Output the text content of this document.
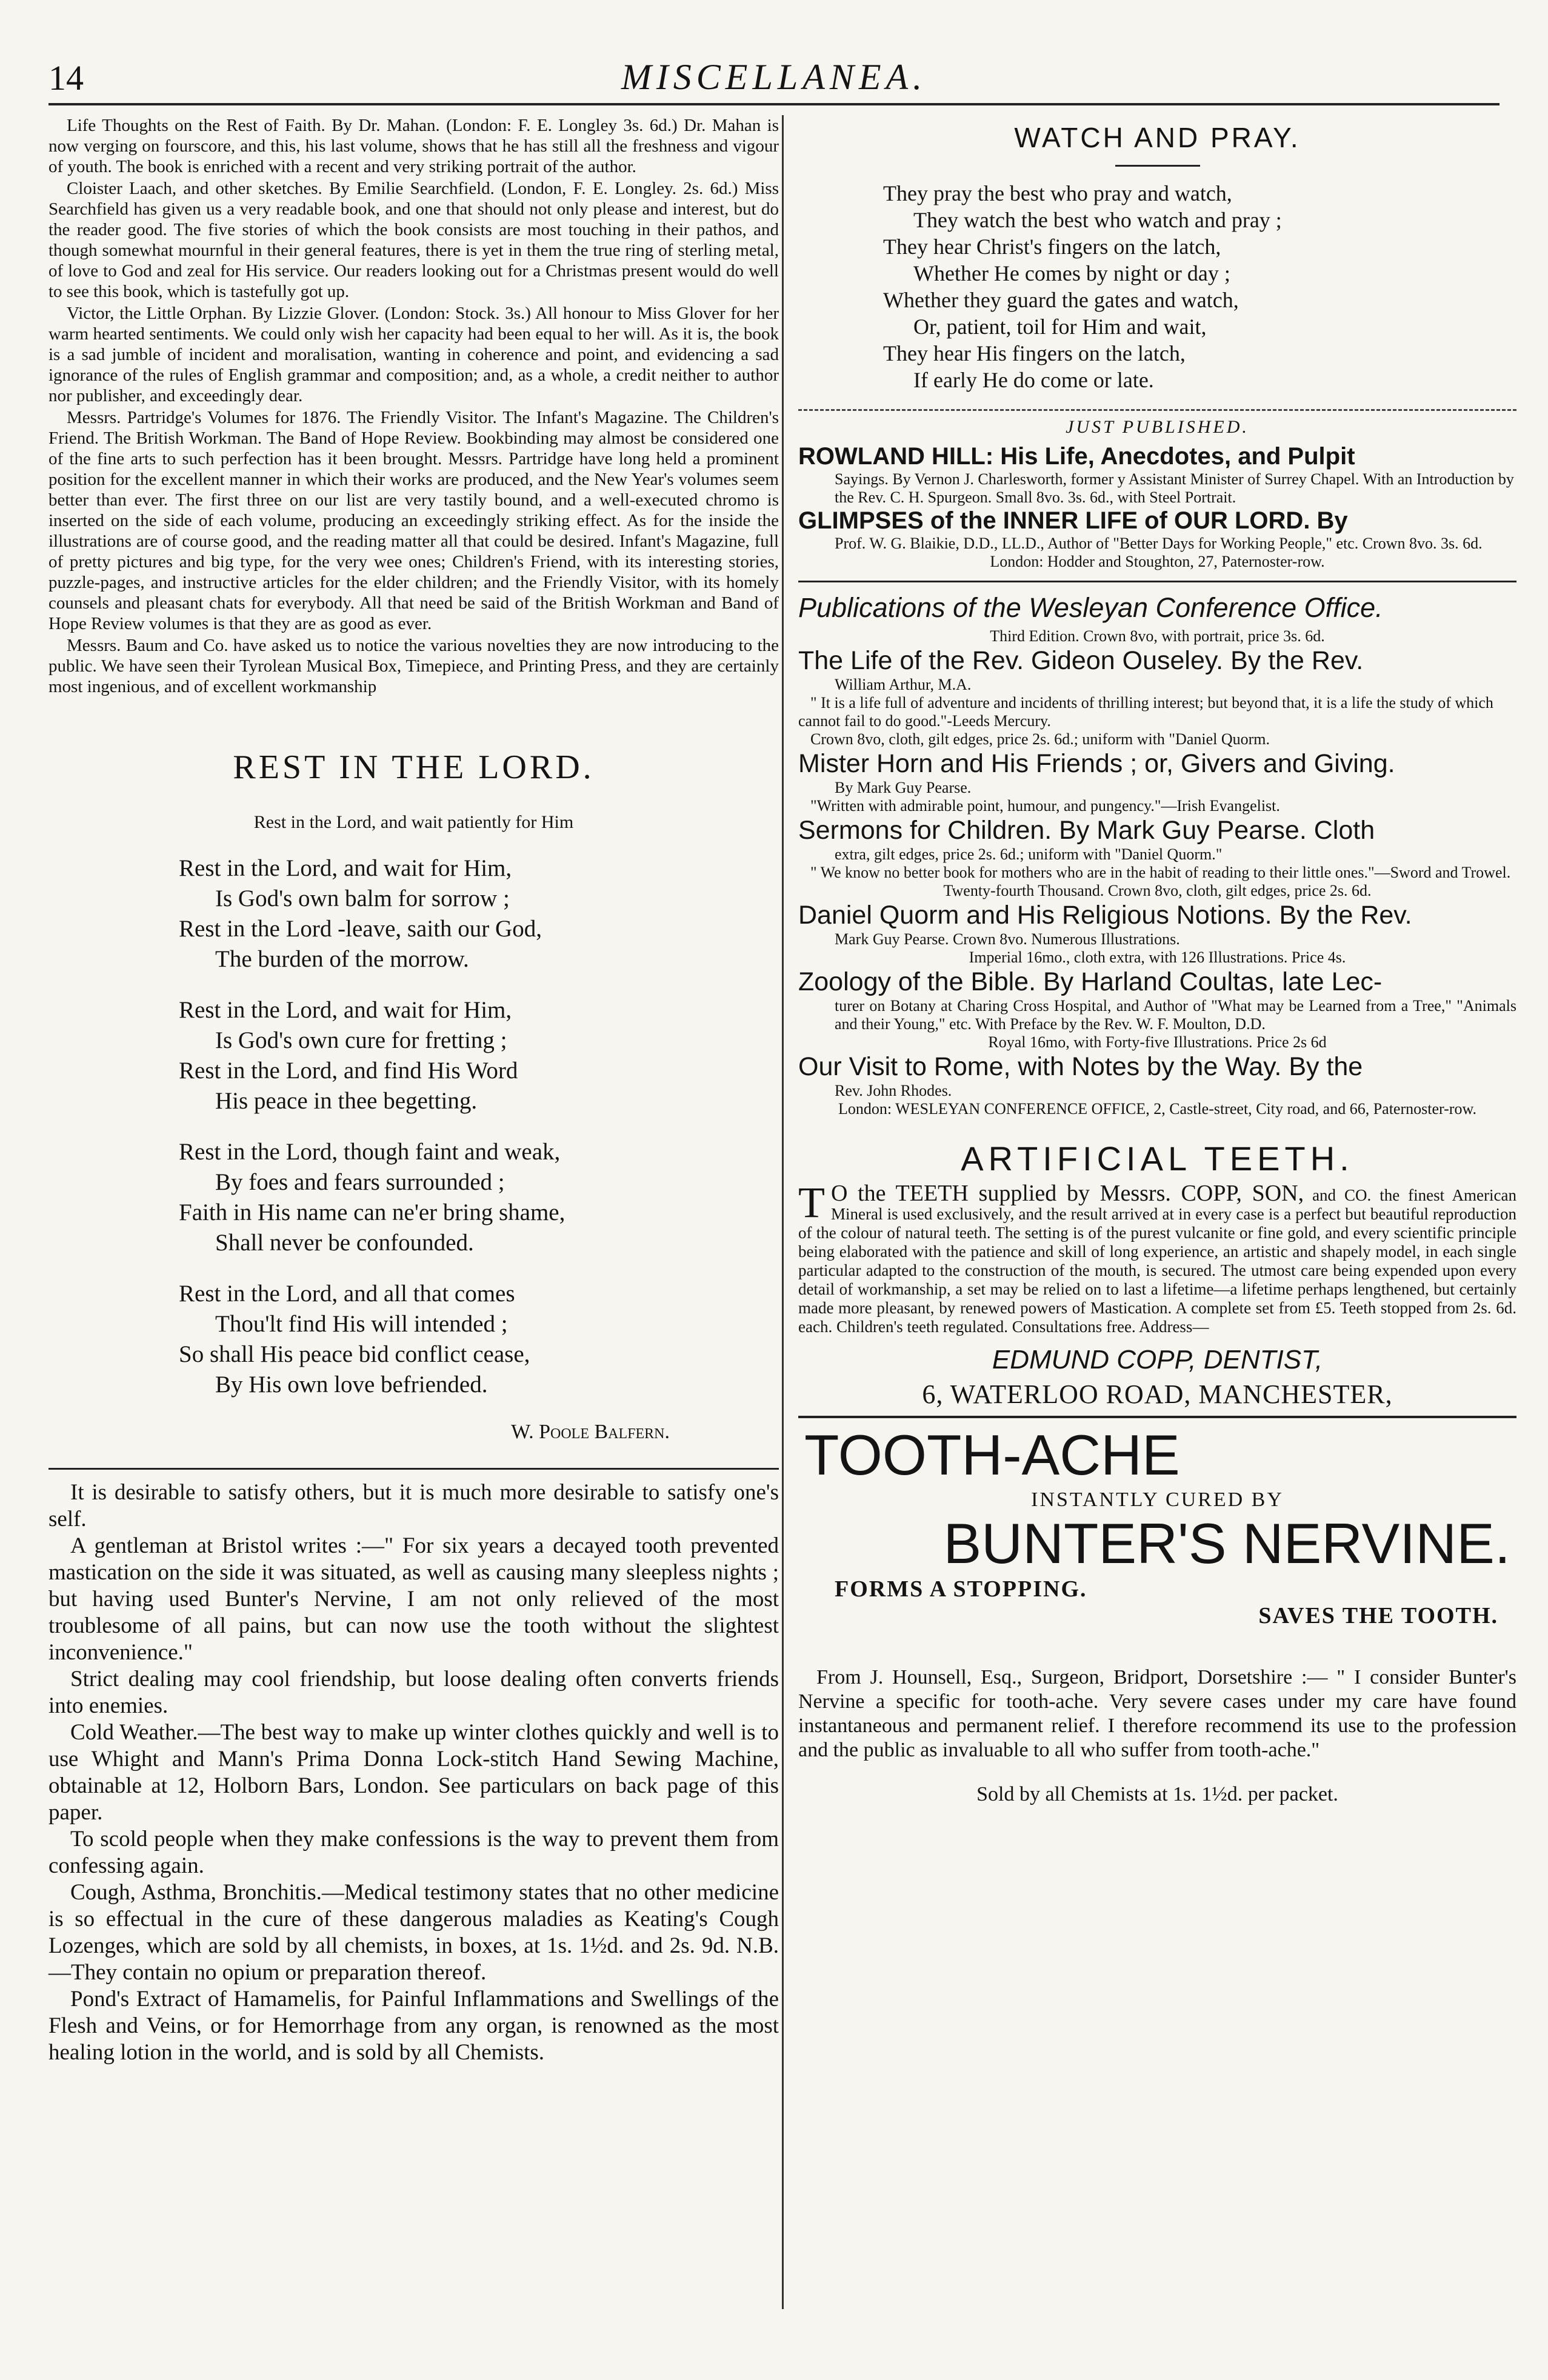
14	MISCELLANEA.

Life Thoughts on the Rest of Faith. By Dr. Mahan. (London: F. E. Longley 3s. 6d.) Dr. Mahan is now verging on fourscore, and this, his last volume, shows that he has still all the freshness and vigour of youth. The book is enriched with a recent and very striking portrait of the author.

Cloister Laach, and other sketches. By Emilie Searchfield. (London, F. E. Longley. 2s. 6d.) Miss Searchfield has given us a very readable book, and one that should not only please and interest, but do the reader good. The five stories of which the book consists are most touching in their pathos, and though somewhat mournful in their general features, there is yet in them the true ring of sterling metal, of love to God and zeal for His service. Our readers looking out for a Christmas present would do well to see this book, which is tastefully got up.

Victor, the Little Orphan. By Lizzie Glover. (London: Stock. 3s.) All honour to Miss Glover for her warm hearted sentiments. We could only wish her capacity had been equal to her will. As it is, the book is a sad jumble of incident and moralisation, wanting in coherence and point, and evidencing a sad ignorance of the rules of English grammar and composition; and, as a whole, a credit neither to author nor publisher, and exceedingly dear.

Messrs. Partridge's Volumes for 1876. The Friendly Visitor. The Infant's Magazine. The Children's Friend. The British Workman. The Band of Hope Review. Bookbinding may almost be considered one of the fine arts to such perfection has it been brought. Messrs. Partridge have long held a prominent position for the excellent manner in which their works are produced, and the New Year's volumes seem better than ever. The first three on our list are very tastily bound, and a well-executed chromo is inserted on the side of each volume, producing an exceedingly striking effect. As for the inside the illustrations are of course good, and the reading matter all that could be desired. Infant's Magazine, full of pretty pictures and big type, for the very wee ones; Children's Friend, with its interesting stories, puzzle-pages, and instructive articles for the elder children; and the Friendly Visitor, with its homely counsels and pleasant chats for everybody. All that need be said of the British Workman and Band of Hope Review volumes is that they are as good as ever.

Messrs. Baum and Co. have asked us to notice the various novelties they are now introducing to the public. We have seen their Tyrolean Musical Box, Timepiece, and Printing Press, and they are certainly most ingenious, and of excellent workmanship

REST IN THE LORD.
Rest in the Lord, and wait patiently for Him
Rest in the Lord, and wait for Him,
Is God's own balm for sorrow ;
Rest in the Lord -leave, saith our God,
The burden of the morrow.
Rest in the Lord, and wait for Him,
Is God's own cure for fretting ;
Rest in the Lord, and find His Word
His peace in thee begetting.
Rest in the Lord, though faint and weak,
By foes and fears surrounded ;
Faith in His name can ne'er bring shame,
Shall never be confounded.
Rest in the Lord, and all that comes
Thou'lt find His will intended ;
So shall His peace bid conflict cease,
By His own love befriended.
W. Poole Balfern.

It is desirable to satisfy others, but it is much more desirable to satisfy one's self.

A gentleman at Bristol writes :—" For six years a decayed tooth prevented mastication on the side it was situated, as well as causing many sleepless nights ; but having used Bunter's Nervine, I am not only relieved of the most troublesome of all pains, but can now use the tooth without the slightest inconvenience."

Strict dealing may cool friendship, but loose dealing often converts friends into enemies.

Cold Weather.—The best way to make up winter clothes quickly and well is to use Whight and Mann's Prima Donna Lock-stitch Hand Sewing Machine, obtainable at 12, Holborn Bars, London. See particulars on back page of this paper.

To scold people when they make confessions is the way to prevent them from confessing again.

Cough, Asthma, Bronchitis.—Medical testimony states that no other medicine is so effectual in the cure of these dangerous maladies as Keating's Cough Lozenges, which are sold by all chemists, in boxes, at 1s. 1½d. and 2s. 9d. N.B.—They contain no opium or preparation thereof.

Pond's Extract of Hamamelis, for Painful Inflammations and Swellings of the Flesh and Veins, or for Hemorrhage from any organ, is renowned as the most healing lotion in the world, and is sold by all Chemists.

WATCH AND PRAY.
They pray the best who pray and watch,
They watch the best who watch and pray ;
They hear Christ's fingers on the latch,
Whether He comes by night or day ;
Whether they guard the gates and watch,
Or, patient, toil for Him and wait,
They hear His fingers on the latch,
If early He do come or late.
JUST PUBLISHED.
ROWLAND HILL: His Life, Anecdotes, and Pulpit
Sayings. By Vernon J. Charlesworth, former y Assistant Minister of Surrey Chapel. With an Introduction by the Rev. C. H. Spurgeon. Small 8vo. 3s. 6d., with Steel Portrait.
GLIMPSES of the INNER LIFE of OUR LORD. By
Prof. W. G. Blaikie, D.D., LL.D., Author of "Better Days for Working People," etc. Crown 8vo. 3s. 6d.
London: Hodder and Stoughton, 27, Paternoster-row.
Publications of the Wesleyan Conference Office.
Third Edition. Crown 8vo, with portrait, price 3s. 6d.
The Life of the Rev. Gideon Ouseley. By the Rev.
William Arthur, M.A.
" It is a life full of adventure and incidents of thrilling interest; but beyond that, it is a life the study of which cannot fail to do good."-Leeds Mercury.
Crown 8vo, cloth, gilt edges, price 2s. 6d.; uniform with "Daniel Quorm.
Mister Horn and His Friends ; or, Givers and Giving.
By Mark Guy Pearse.
"Written with admirable point, humour, and pungency."—Irish Evangelist.
Sermons for Children. By Mark Guy Pearse. Cloth
extra, gilt edges, price 2s. 6d.; uniform with "Daniel Quorm."
" We know no better book for mothers who are in the habit of reading to their little ones."—Sword and Trowel.
Twenty-fourth Thousand. Crown 8vo, cloth, gilt edges, price 2s. 6d.
Daniel Quorm and His Religious Notions. By the Rev.
Mark Guy Pearse. Crown 8vo. Numerous Illustrations.
Imperial 16mo., cloth extra, with 126 Illustrations. Price 4s.
Zoology of the Bible. By Harland Coultas, late Lec-
turer on Botany at Charing Cross Hospital, and Author of "What may be Learned from a Tree," "Animals and their Young," etc. With Preface by the Rev. W. F. Moulton, D.D.
Royal 16mo, with Forty-five Illustrations. Price 2s 6d
Our Visit to Rome, with Notes by the Way. By the
Rev. John Rhodes.
London: WESLEYAN CONFERENCE OFFICE, 2, Castle-street, City road, and 66, Paternoster-row.
ARTIFICIAL TEETH.
T O the TEETH supplied by Messrs. COPP, SON, and CO. the finest American Mineral is used exclusively, and the result arrived at in every case is a perfect but beautiful reproduction of the colour of natural teeth. The setting is of the purest vulcanite or fine gold, and every scientific principle being elaborated with the patience and skill of long experience, an artistic and shapely model, in each single particular adapted to the construction of the mouth, is secured. The utmost care being expended upon every detail of workmanship, a set may be relied on to last a lifetime—a lifetime perhaps lengthened, but certainly made more pleasant, by renewed powers of Mastication. A complete set from £5. Teeth stopped from 2s. 6d. each. Children's teeth regulated. Consultations free. Address—
EDMUND COPP, DENTIST,
6, WATERLOO ROAD, MANCHESTER,
TOOTH-ACHE
INSTANTLY CURED BY
BUNTER'S NERVINE.
FORMS A STOPPING.
SAVES THE TOOTH.
From J. Hounsell, Esq., Surgeon, Bridport, Dorsetshire :— " I consider Bunter's Nervine a specific for tooth-ache. Very severe cases under my care have found instantaneous and permanent relief. I therefore recommend its use to the profession and the public as invaluable to all who suffer from tooth-ache."
Sold by all Chemists at 1s. 1½d. per packet.
